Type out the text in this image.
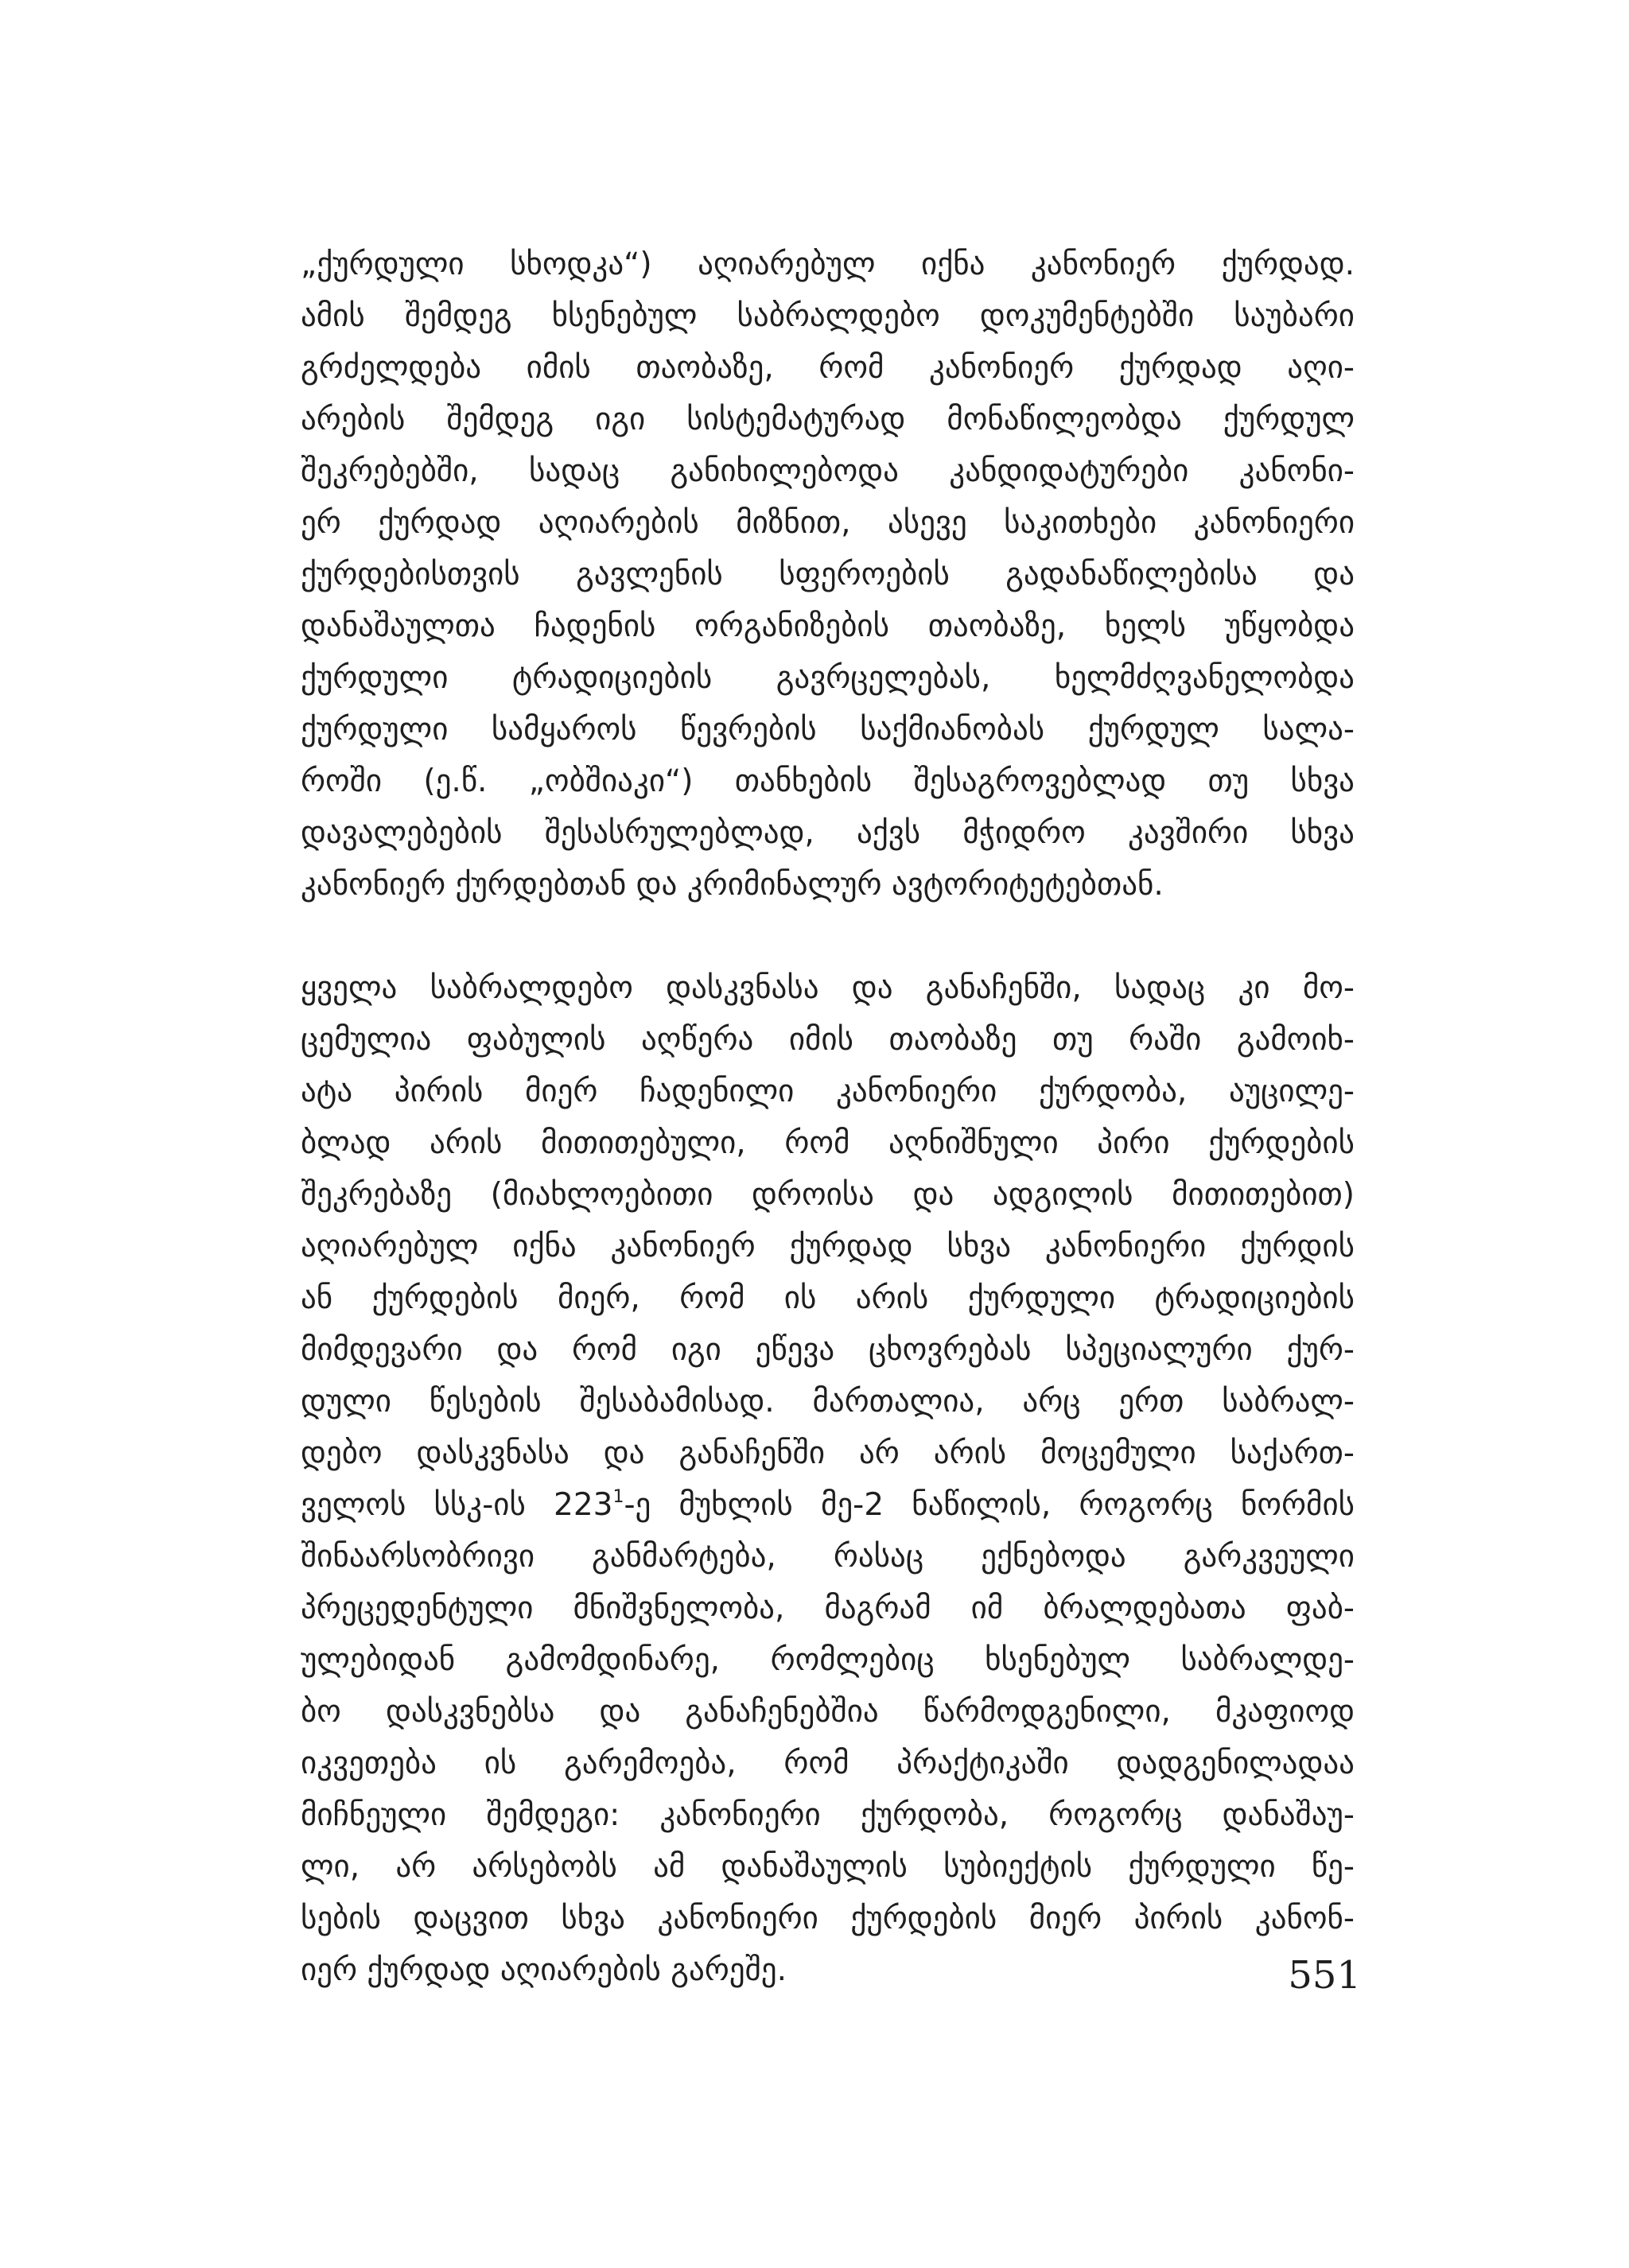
„ქურდული სხოდკა“) აღიარებულ იქნა კანონიერ ქურდად.
ამის შემდეგ ხსენებულ საბრალდებო დოკუმენტებში საუბარი
გრძელდება იმის თაობაზე, რომ კანონიერ ქურდად აღი-
არების შემდეგ იგი სისტემატურად მონაწილეობდა ქურდულ
შეკრებებში, სადაც განიხილებოდა კანდიდატურები კანონი-
ერ ქურდად აღიარების მიზნით, ასევე საკითხები კანონიერი
ქურდებისთვის გავლენის სფეროების გადანაწილებისა და
დანაშაულთა ჩადენის ორგანიზების თაობაზე, ხელს უწყობდა
ქურდული ტრადიციების გავრცელებას, ხელმძღვანელობდა
ქურდული სამყაროს წევრების საქმიანობას ქურდულ სალა-
როში (ე.წ. „ობშიაკი“) თანხების შესაგროვებლად თუ სხვა
დავალებების შესასრულებლად, აქვს მჭიდრო კავშირი სხვა
კანონიერ ქურდებთან და კრიმინალურ ავტორიტეტებთან.

ყველა საბრალდებო დასკვნასა და განაჩენში, სადაც კი მო-
ცემულია ფაბულის აღწერა იმის თაობაზე თუ რაში გამოიხ-
ატა პირის მიერ ჩადენილი კანონიერი ქურდობა, აუცილე-
ბლად არის მითითებული, რომ აღნიშნული პირი ქურდების
შეკრებაზე (მიახლოებითი დროისა და ადგილის მითითებით)
აღიარებულ იქნა კანონიერ ქურდად სხვა კანონიერი ქურდის
ან ქურდების მიერ, რომ ის არის ქურდული ტრადიციების
მიმდევარი და რომ იგი ეწევა ცხოვრებას სპეციალური ქურ-
დული წესების შესაბამისად. მართალია, არც ერთ საბრალ-
დებო დასკვნასა და განაჩენში არ არის მოცემული საქართ-
ველოს სსკ-ის $223^1-ე$ მუხლის მე-2 ნაწილის, როგორც ნორმის
შინაარსობრივი განმარტება, რასაც ექნებოდა გარკვეული
პრეცედენტული მნიშვნელობა, მაგრამ იმ ბრალდებათა ფაბ-
ულებიდან გამომდინარე, რომლებიც ხსენებულ საბრალდე-
ბო დასკვნებსა და განაჩენებშია წარმოდგენილი, მკაფიოდ
იკვეთება ის გარემოება, რომ პრაქტიკაში დადგენილადაა
მიჩნეული შემდეგი: კანონიერი ქურდობა, როგორც დანაშაუ-
ლი, არ არსებობს ამ დანაშაულის სუბიექტის ქურდული წე-
სების დაცვით სხვა კანონიერი ქურდების მიერ პირის კანონ-
იერ ქურდად აღიარების გარეშე.	551
